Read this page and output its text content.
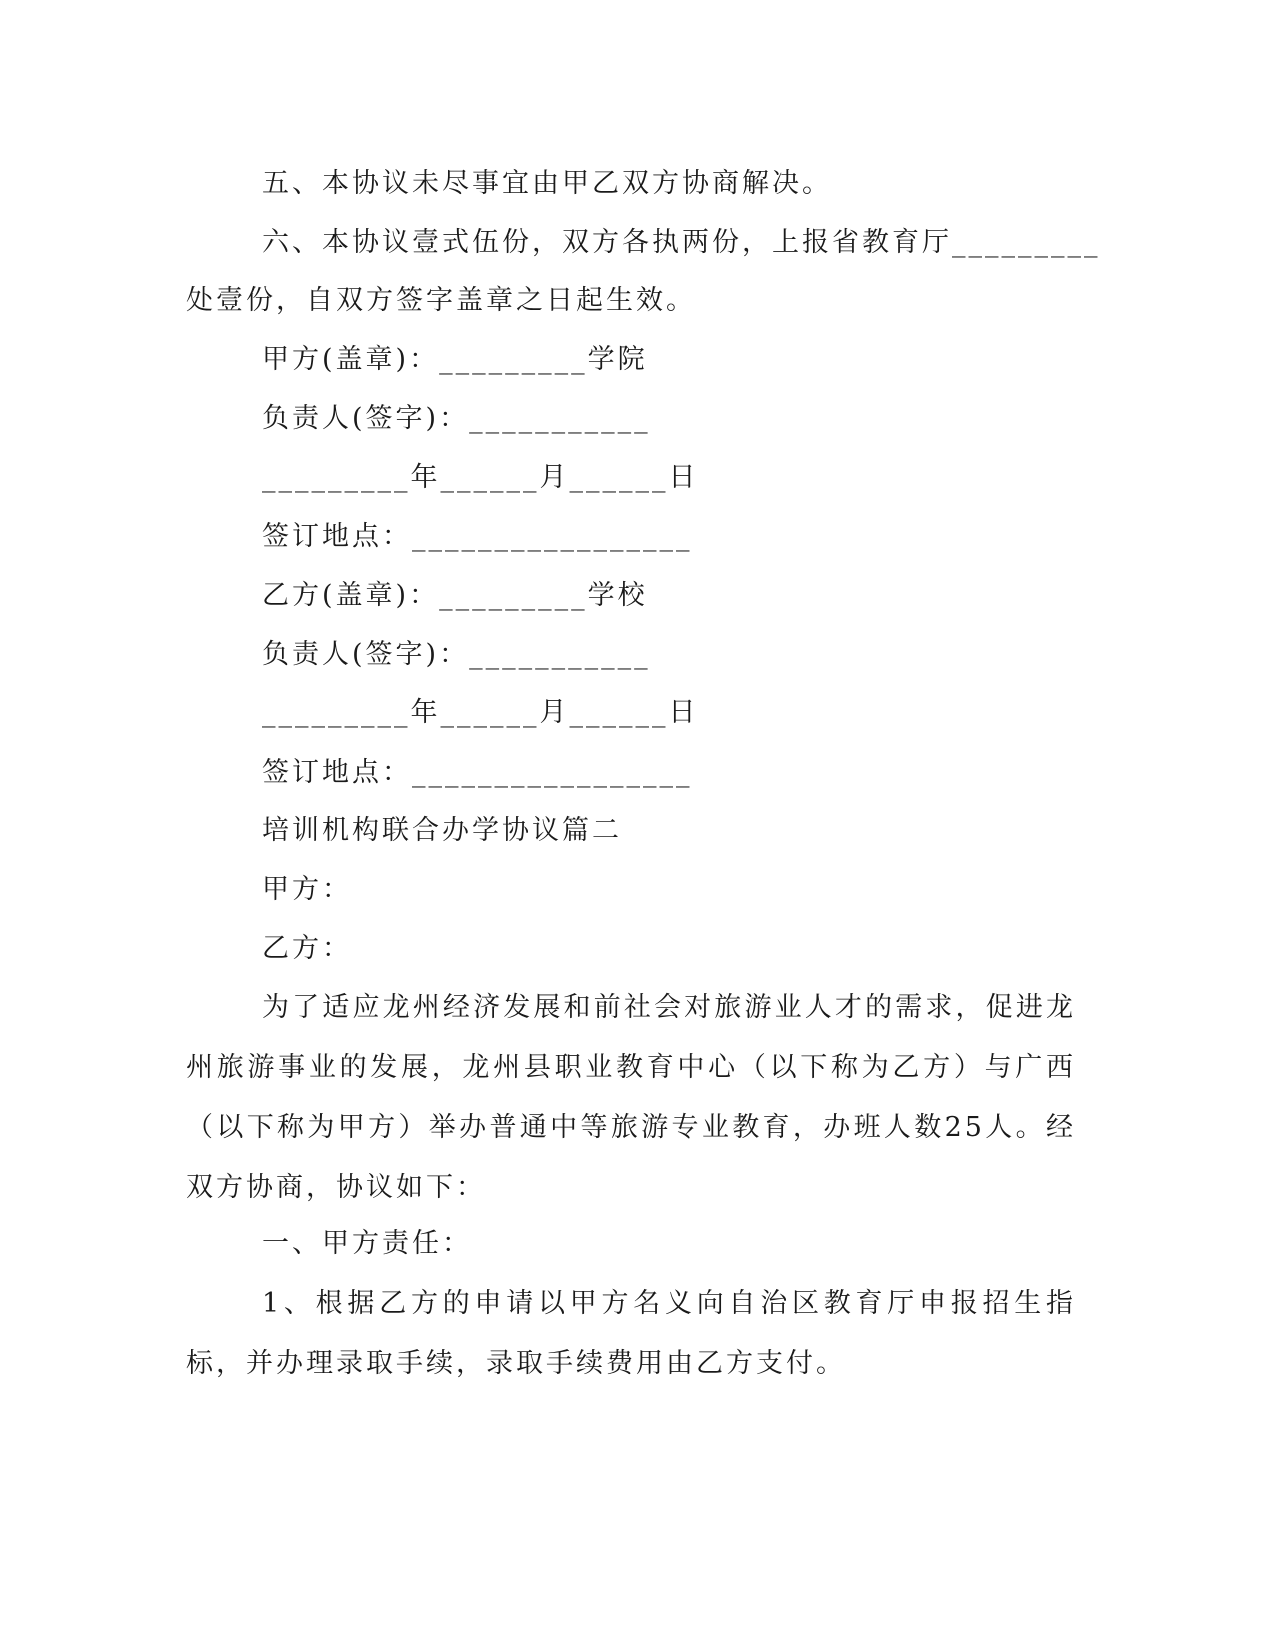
五、本协议未尽事宜由甲乙双方协商解决。
六、本协议壹式伍份，双方各执两份，上报省教育厅_________
处壹份，自双方签字盖章之日起生效。
甲方(盖章)：_________学院
负责人(签字)：___________
_________年______月______日
签订地点：_________________
乙方(盖章)：_________学校
负责人(签字)：___________
_________年______月______日
签订地点：_________________
培训机构联合办学协议篇二
甲方：
乙方：
为了适应龙州经济发展和前社会对旅游业人才的需求，促进龙州旅游事业的发展，龙州县职业教育中心（以下称为乙方）与广西（以下称为甲方）举办普通中等旅游专业教育，办班人数25人。经双方协商，协议如下：
一、甲方责任：
1、根据乙方的申请以甲方名义向自治区教育厅申报招生指标，并办理录取手续，录取手续费用由乙方支付。
